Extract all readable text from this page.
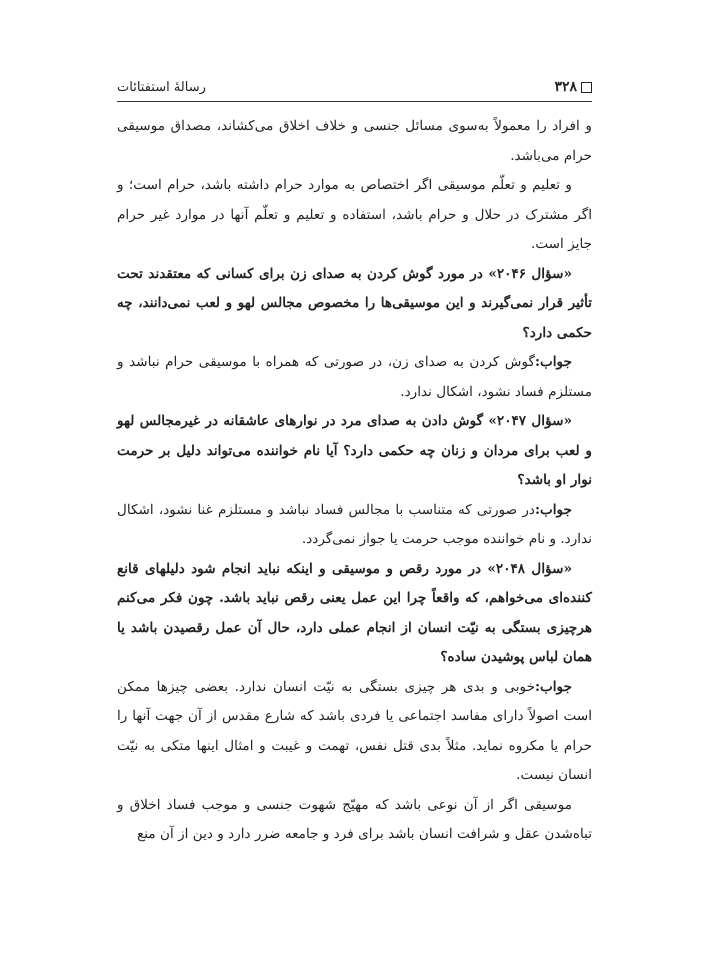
۳۲۸
رسالهٔ استفتائات

و افراد را معمولاً به‌سوی مسائل جنسی و خلاف اخلاق می‌کشاند، مصداق موسیقی حرام می‌باشد.

و تعلیم و تعلّم موسیقی اگر اختصاص به موارد حرام داشته باشد، حرام است؛ و اگر مشترک در حلال و حرام باشد، استفاده و تعلیم و تعلّم آنها در موارد غیر حرام جایز است.

«سؤال ۲۰۴۶» در مورد گوش کردن به صدای زن برای کسانی که معتقدند تحت تأثیر قرار نمی‌گیرند و این موسیقی‌ها را مخصوص مجالس لهو و لعب نمی‌دانند، چه حکمی دارد؟

جواب:گوش کردن به صدای زن، در صورتی که همراه با موسیقی حرام نباشد و مستلزم فساد نشود، اشکال ندارد.

«سؤال ۲۰۴۷» گوش دادن به صدای مرد در نوارهای عاشقانه در غیرمجالس لهو و لعب برای مردان و زنان چه حکمی دارد؟ آیا نام خواننده می‌تواند دلیل بر حرمت نوار او باشد؟

جواب:در صورتی که متناسب با مجالس فساد نباشد و مستلزم غنا نشود، اشکال ندارد. و نام خواننده موجب حرمت یا جواز نمی‌گردد.

«سؤال ۲۰۴۸» در مورد رقص و موسیقی و اینکه نباید انجام شود دلیلهای قانع کننده‌ای می‌خواهم، که واقعاً چرا این عمل یعنی رقص نباید باشد. چون فکر می‌کنم هرچیزی بستگی به نیّت انسان از انجام عملی دارد، حال آن عمل رقصیدن باشد یا همان لباس پوشیدن ساده؟

جواب:خوبی و بدی هر چیزی بستگی به نیّت انسان ندارد. بعضی چیزها ممکن است اصولاً دارای مفاسد اجتماعی یا فردی باشد که شارع مقدس از آن جهت آنها را حرام یا مکروه نماید. مثلاً بدی قتل نفس، تهمت و غیبت و امثال اینها متکی به نیّت انسان نیست.

موسیقی اگر از آن نوعی باشد که مهیّج شهوت جنسی و موجب فساد اخلاق و تباه‌شدن عقل و شرافت انسان باشد برای فرد و جامعه ضرر دارد و دین از آن منع
